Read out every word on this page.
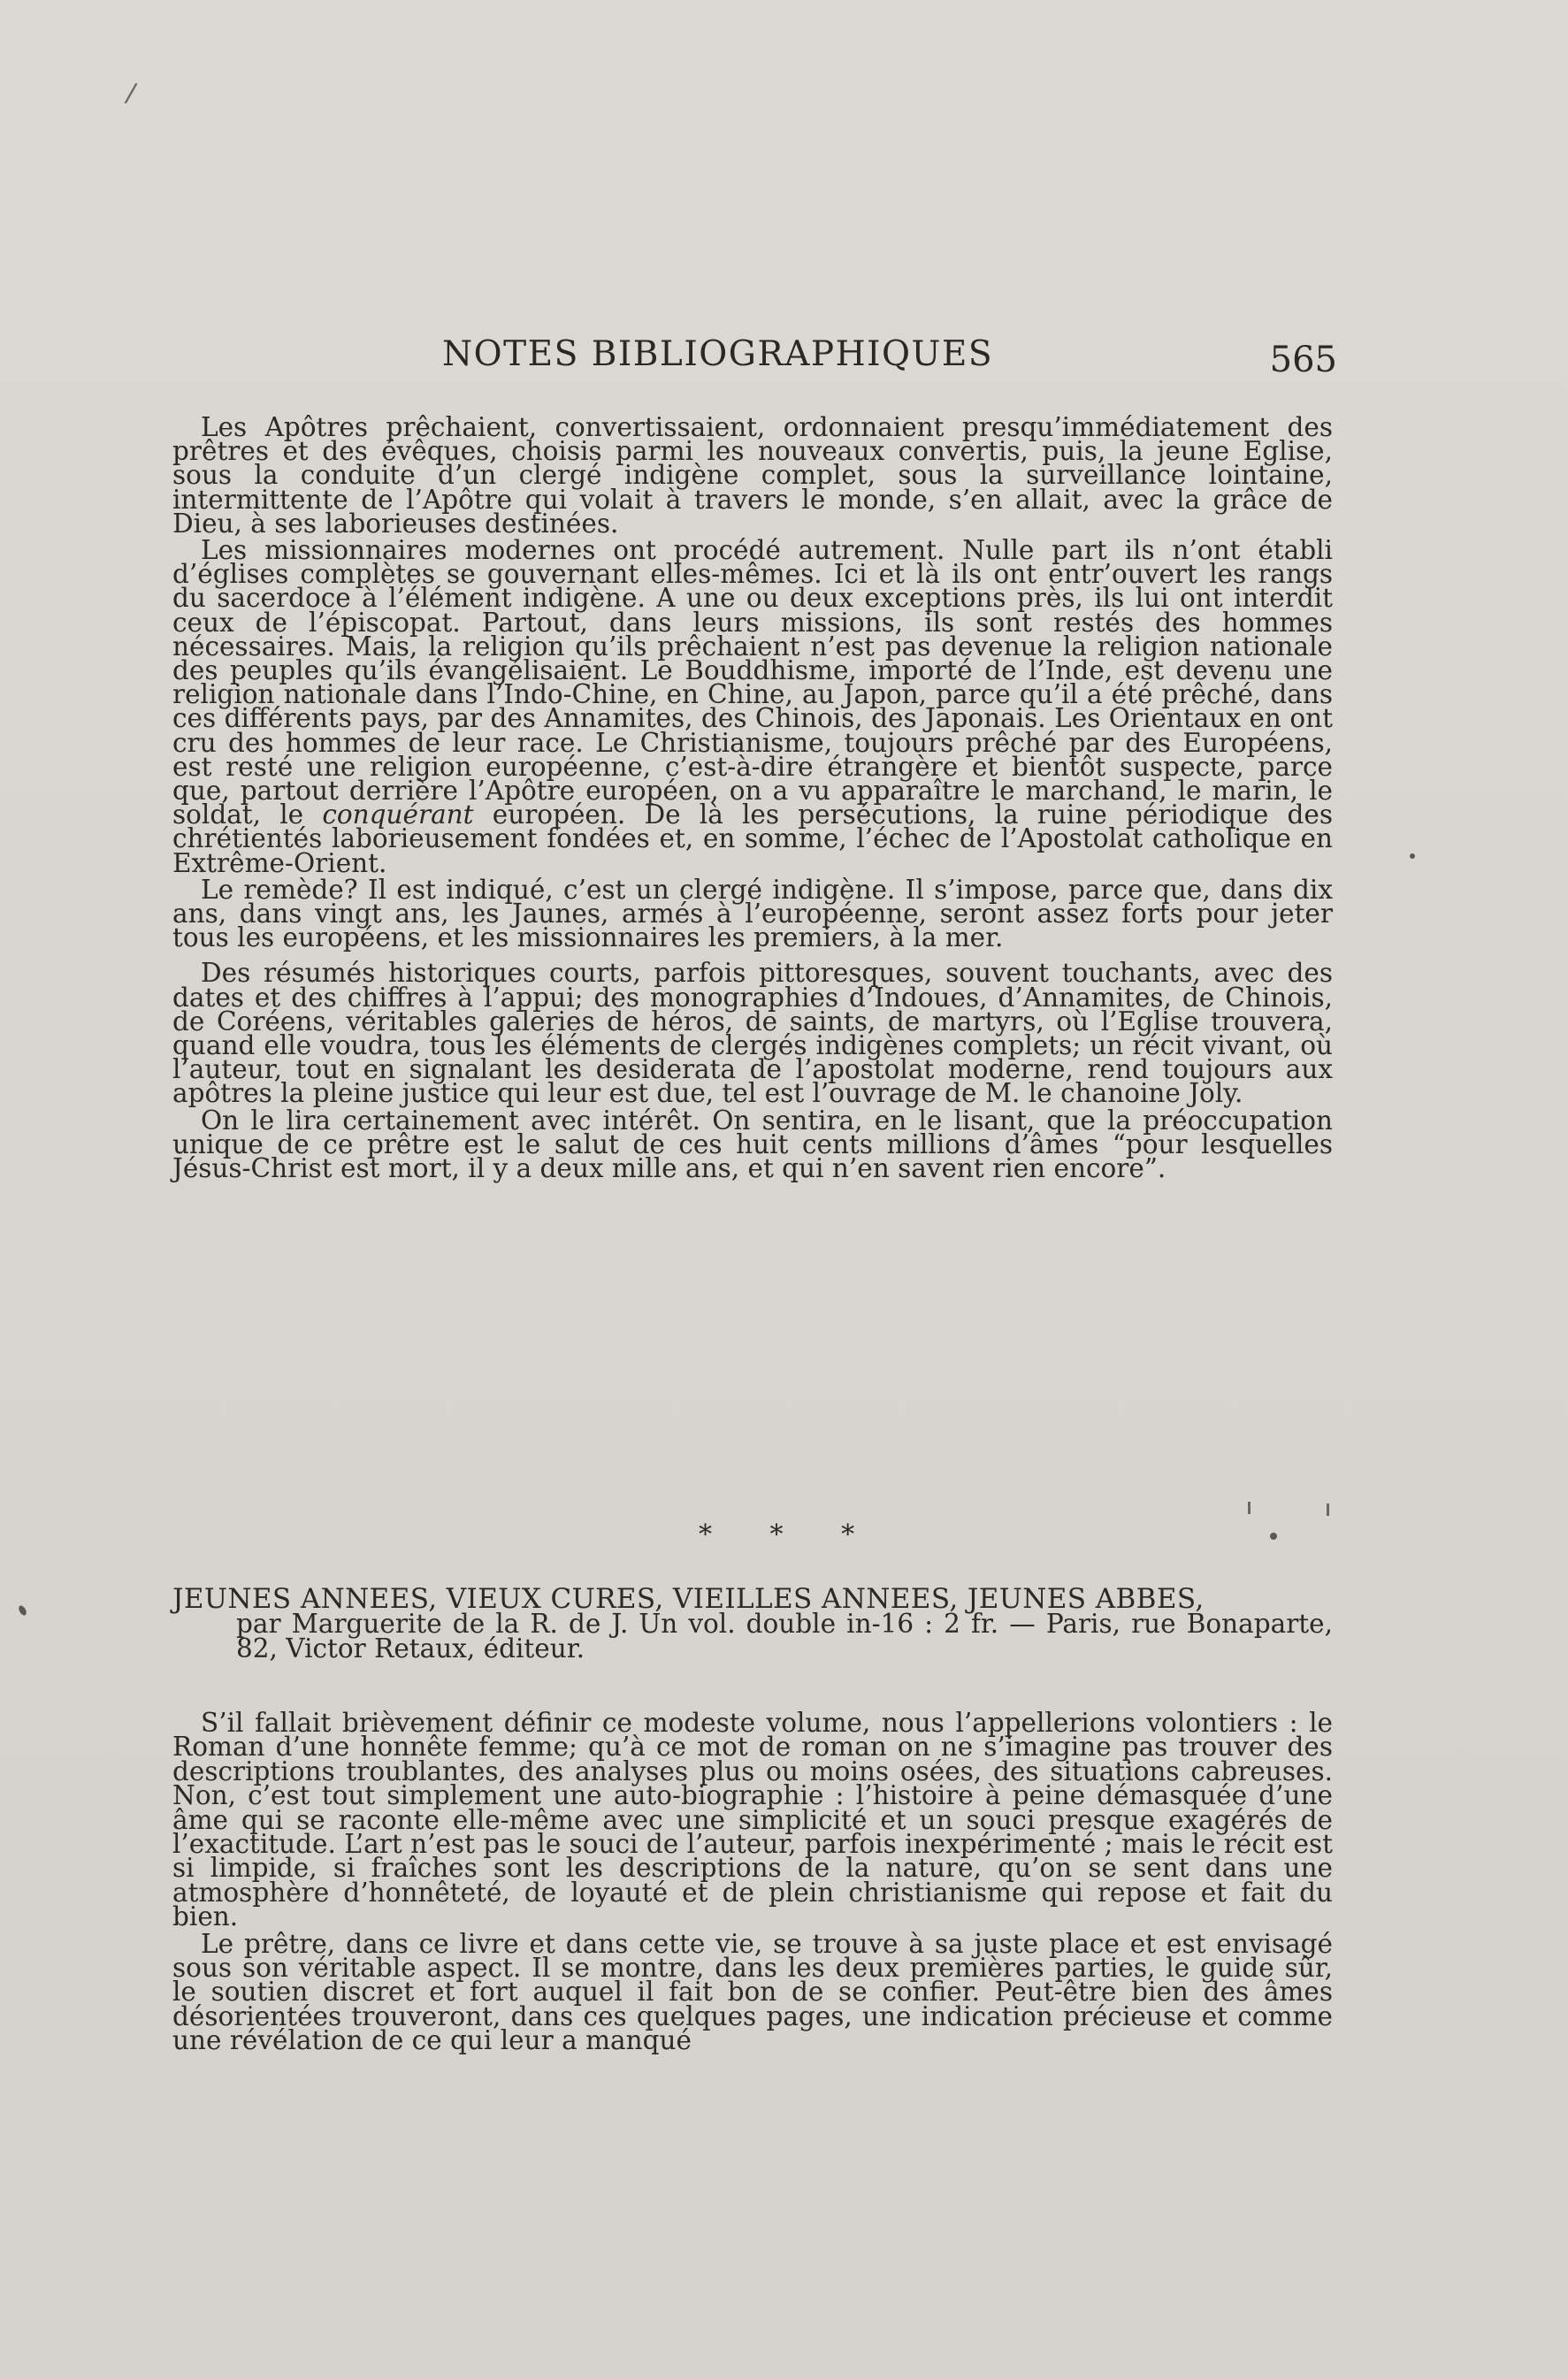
/
NOTES BIBLIOGRAPHIQUES	565

Les Apôtres prêchaient, convertissaient, ordonnaient presqu’immédiatement des prêtres et des évêques, choisis parmi les nouveaux convertis, puis, la jeune Eglise, sous la conduite d’un clergé indigène complet, sous la surveillance lointaine, intermittente de l’Apôtre qui volait à travers le monde, s’en allait, avec la grâce de Dieu, à ses laborieuses destinées.

Les missionnaires modernes ont procédé autrement. Nulle part ils n’ont établi d’églises complètes se gouvernant elles-mêmes. Ici et là ils ont entr’ouvert les rangs du sacerdoce à l’élément indigène. A une ou deux exceptions près, ils lui ont interdit ceux de l’épiscopat. Partout, dans leurs missions, ils sont restés des hommes nécessaires. Mais, la religion qu’ils prêchaient n’est pas devenue la religion nationale des peuples qu’ils évangélisaient. Le Bouddhisme, importé de l’Inde, est devenu une religion nationale dans l’Indo-Chine, en Chine, au Japon, parce qu’il a été prêché, dans ces différents pays, par des Annamites, des Chinois, des Japonais. Les Orientaux en ont cru des hommes de leur race. Le Christianisme, toujours prêché par des Européens, est resté une religion européenne, c’est-à-dire étrangère et bientôt suspecte, parce que, partout derrière l’Apôtre européen, on a vu apparaître le marchand, le marin, le soldat, le conquérant européen. De là les persécutions, la ruine périodique des chrétientés laborieusement fondées et, en somme, l’échec de l’Apostolat catholique en Extrême-Orient.

Le remède? Il est indiqué, c’est un clergé indigène. Il s’impose, parce que, dans dix ans, dans vingt ans, les Jaunes, armés à l’européenne, seront assez forts pour jeter tous les européens, et les missionnaires les premiers, à la mer.

Des résumés historiques courts, parfois pittoresques, souvent touchants, avec des dates et des chiffres à l’appui; des monographies d’Indoues, d’Annamites, de Chinois, de Coréens, véritables galeries de héros, de saints, de martyrs, où l’Eglise trouvera, quand elle voudra, tous les éléments de clergés indigènes complets; un récit vivant, où l’auteur, tout en signalant les desiderata de l’apostolat moderne, rend toujours aux apôtres la pleine justice qui leur est due, tel est l’ouvrage de M. le chanoine Joly.

On le lira certainement avec intérêt. On sentira, en le lisant, que la préoccupation unique de ce prêtre est le salut de ces huit cents millions d’âmes “pour lesquelles Jésus-Christ est mort, il y a deux mille ans, et qui n’en savent rien encore”.

* * *
JEUNES ANNEES, VIEUX CURES, VIEILLES ANNEES, JEUNES ABBES,
par Marguerite de la R. de J. Un vol. double in-16 : 2 fr. — Paris, rue Bonaparte, 82, Victor Retaux, éditeur.

S’il fallait brièvement définir ce modeste volume, nous l’appellerions volontiers : le Roman d’une honnête femme; qu’à ce mot de roman on ne s’imagine pas trouver des descriptions troublantes, des analyses plus ou moins osées, des situations cabreuses. Non, c’est tout simplement une auto-biographie : l’histoire à peine démasquée d’une âme qui se raconte elle-même avec une simplicité et un souci presque exagérés de l’exactitude. L’art n’est pas le souci de l’auteur, parfois inexpérimenté ; mais le récit est si limpide, si fraîches sont les descriptions de la nature, qu’on se sent dans une atmosphère d’honnêteté, de loyauté et de plein christianisme qui repose et fait du bien.

Le prêtre, dans ce livre et dans cette vie, se trouve à sa juste place et est envisagé sous son véritable aspect. Il se montre, dans les deux premières parties, le guide sûr, le soutien discret et fort auquel il fait bon de se confier. Peut-être bien des âmes désorientées trouveront, dans ces quelques pages, une indication précieuse et comme une révélation de ce qui leur a manqué
